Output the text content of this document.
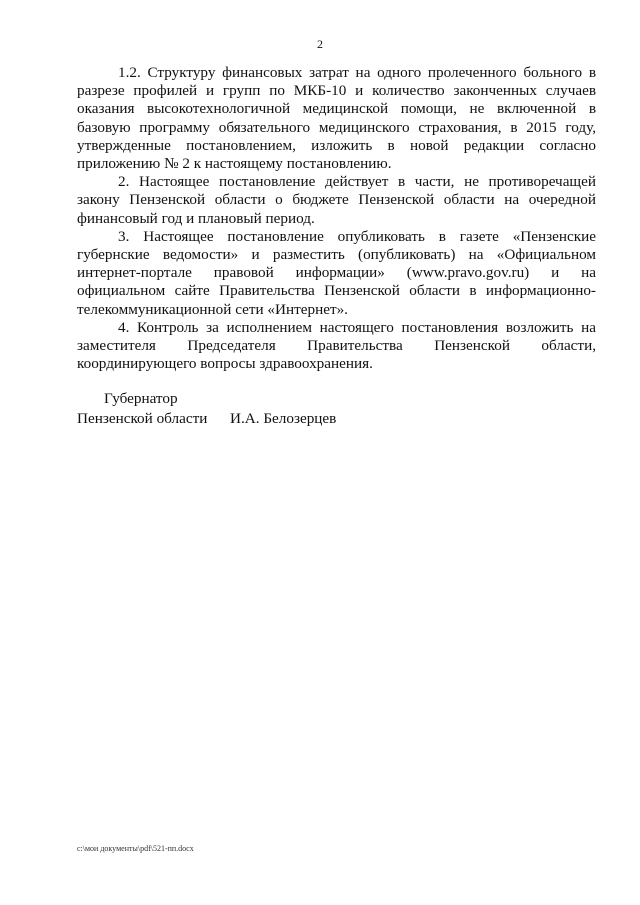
2

1.2. Структуру финансовых затрат на одного пролеченного больного в разрезе профилей и групп по МКБ-10 и количество законченных случаев оказания высокотехнологичной медицинской помощи, не включенной в базовую программу обязательного медицинского страхования, в 2015 году, утвержденные постановлением, изложить в новой редакции согласно приложению № 2 к настоящему постановлению.

2. Настоящее постановление действует в части, не противоречащей закону Пензенской области о бюджете Пензенской области на очередной финансовый год и плановый период.

3. Настоящее постановление опубликовать в газете «Пензенские губернские ведомости» и разместить (опубликовать) на «Официальном интернет-портале правовой информации» (www.pravo.gov.ru) и на официальном сайте Правительства Пензенской области в информационно-телекоммуникационной сети «Интернет».

4. Контроль за исполнением настоящего постановления возложить на заместителя Председателя Правительства Пензенской области, координирующего вопросы здравоохранения.

Губернатор
Пензенской области И.А. Белозерцев
c:\мои документы\pdf\521-пп.docx
